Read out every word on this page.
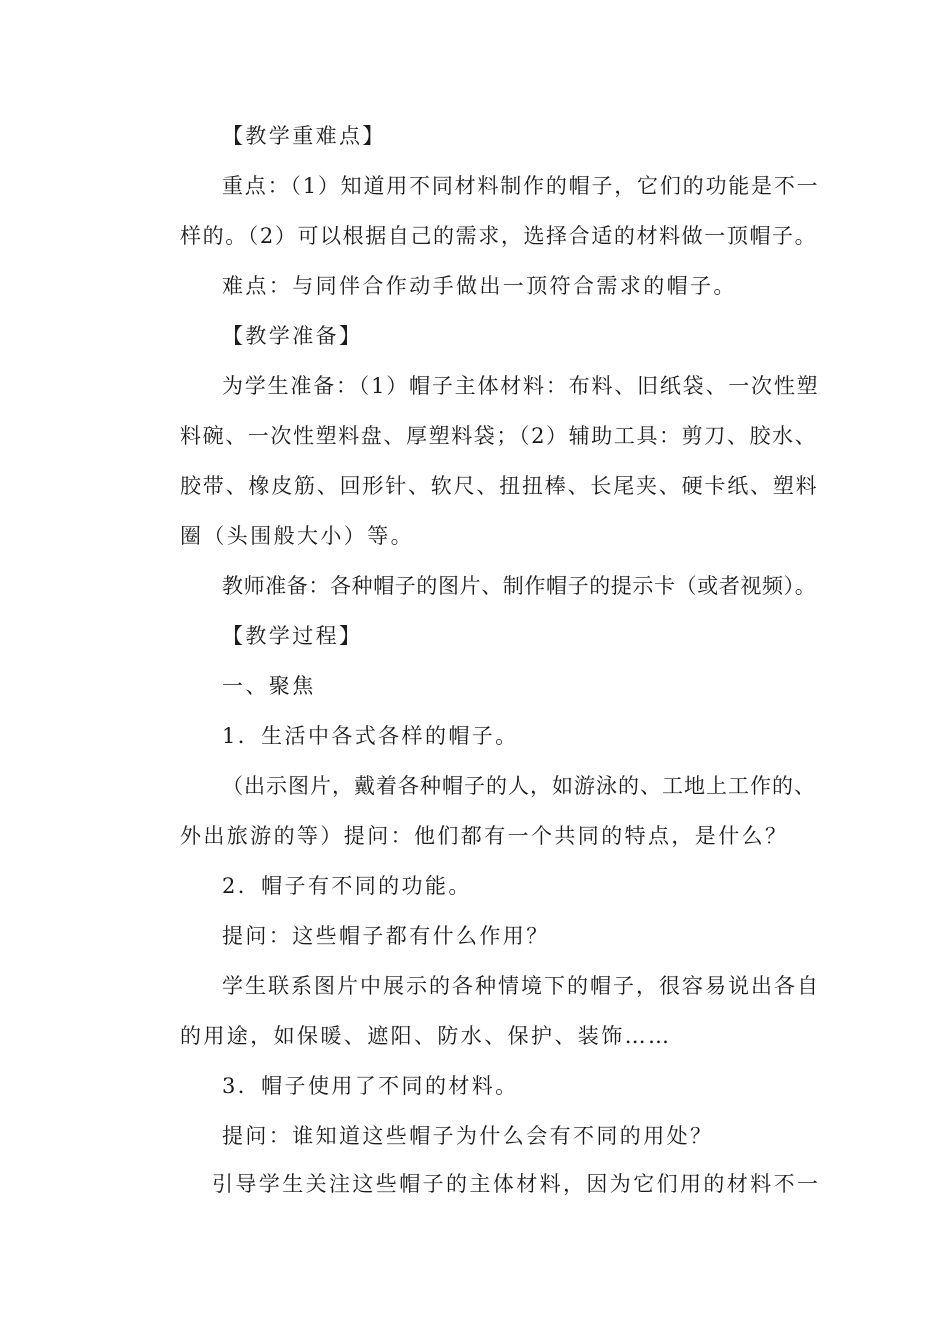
【教学重难点】
重点：（1）知道用不同材料制作的帽子，它们的功能是不一
样的。（2）可以根据自己的需求，选择合适的材料做一顶帽子。
难点：与同伴合作动手做出一顶符合需求的帽子。
【教学准备】
为学生准备：（1）帽子主体材料：布料、旧纸袋、一次性塑
料碗、一次性塑料盘、厚塑料袋；（2）辅助工具：剪刀、胶水、
胶带、橡皮筋、回形针、软尺、扭扭棒、长尾夹、硬卡纸、塑料
圈（头围般大小）等。
教师准备：各种帽子的图片、制作帽子的提示卡（或者视频）。
【教学过程】
一、聚焦
1．生活中各式各样的帽子。
（出示图片，戴着各种帽子的人，如游泳的、工地上工作的、
外出旅游的等）提问：他们都有一个共同的特点，是什么？
2．帽子有不同的功能。
提问：这些帽子都有什么作用？
学生联系图片中展示的各种情境下的帽子，很容易说出各自
的用途，如保暖、遮阳、防水、保护、装饰……
3．帽子使用了不同的材料。
提问：谁知道这些帽子为什么会有不同的用处？
引导学生关注这些帽子的主体材料，因为它们用的材料不一
